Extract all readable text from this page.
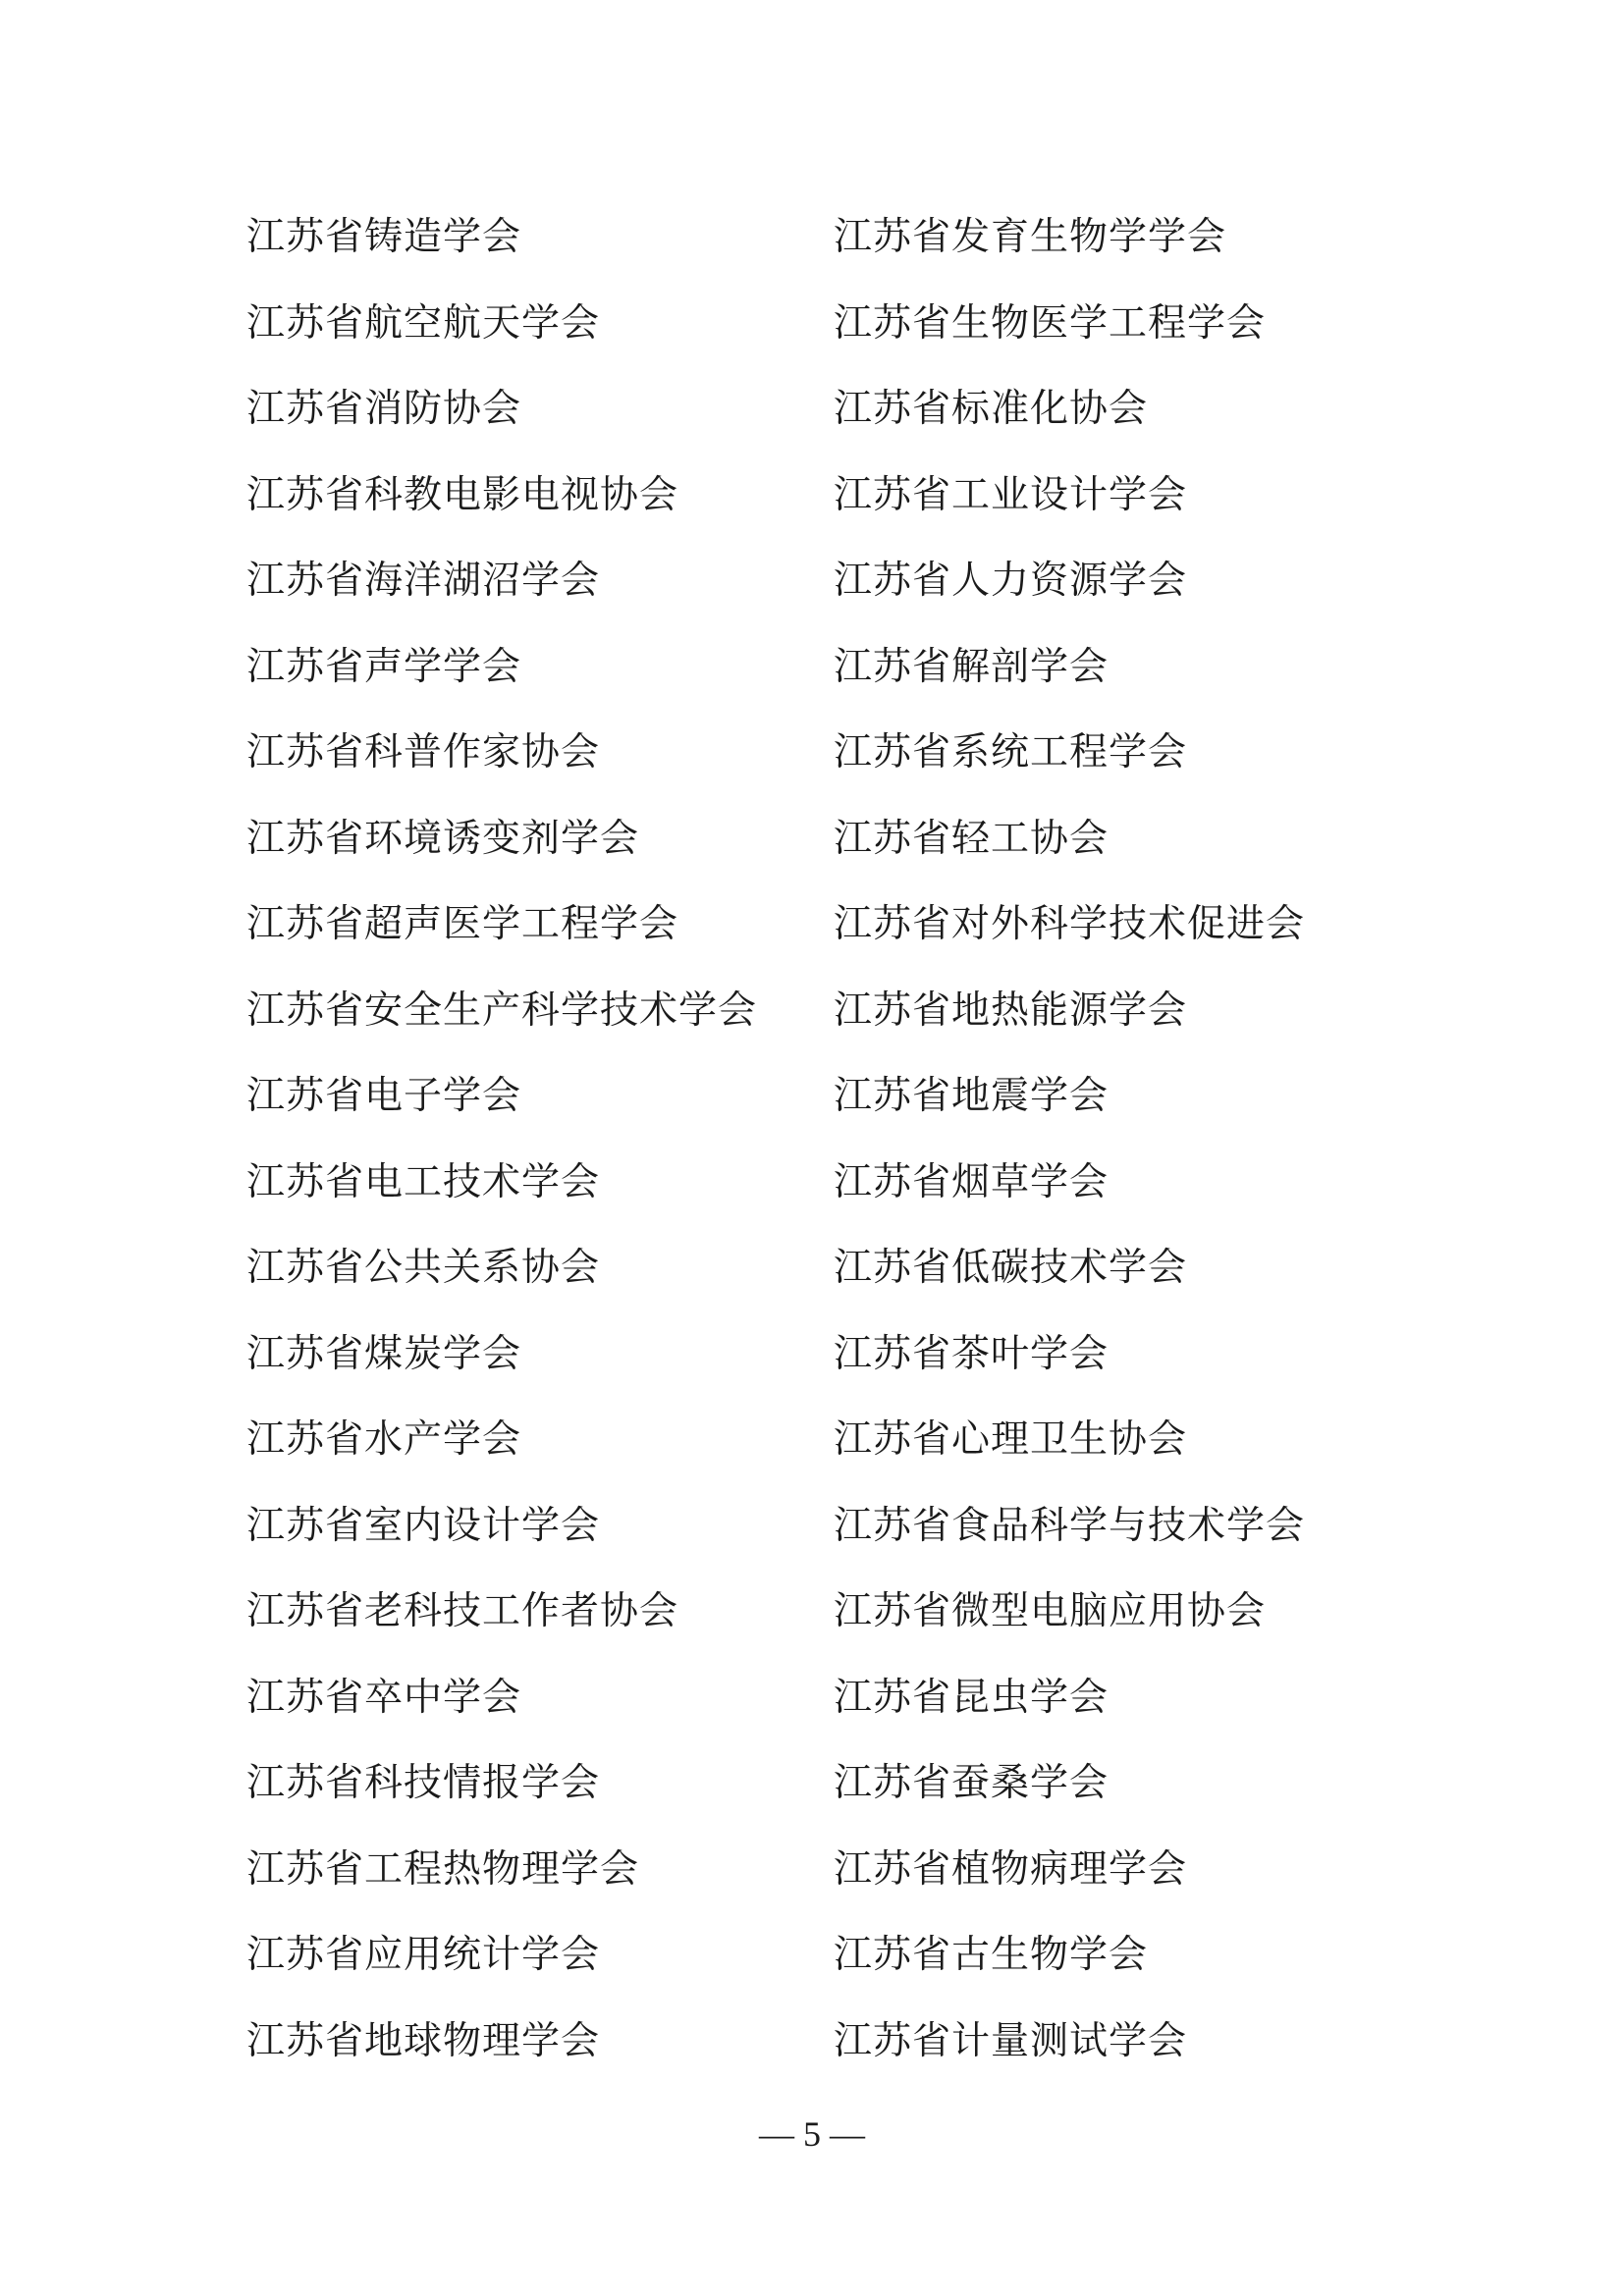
江苏省铸造学会
江苏省航空航天学会
江苏省消防协会
江苏省科教电影电视协会
江苏省海洋湖沼学会
江苏省声学学会
江苏省科普作家协会
江苏省环境诱变剂学会
江苏省超声医学工程学会
江苏省安全生产科学技术学会
江苏省电子学会
江苏省电工技术学会
江苏省公共关系协会
江苏省煤炭学会
江苏省水产学会
江苏省室内设计学会
江苏省老科技工作者协会
江苏省卒中学会
江苏省科技情报学会
江苏省工程热物理学会
江苏省应用统计学会
江苏省地球物理学会
江苏省发育生物学学会
江苏省生物医学工程学会
江苏省标准化协会
江苏省工业设计学会
江苏省人力资源学会
江苏省解剖学会
江苏省系统工程学会
江苏省轻工协会
江苏省对外科学技术促进会
江苏省地热能源学会
江苏省地震学会
江苏省烟草学会
江苏省低碳技术学会
江苏省茶叶学会
江苏省心理卫生协会
江苏省食品科学与技术学会
江苏省微型电脑应用协会
江苏省昆虫学会
江苏省蚕桑学会
江苏省植物病理学会
江苏省古生物学会
江苏省计量测试学会
— 5 —
